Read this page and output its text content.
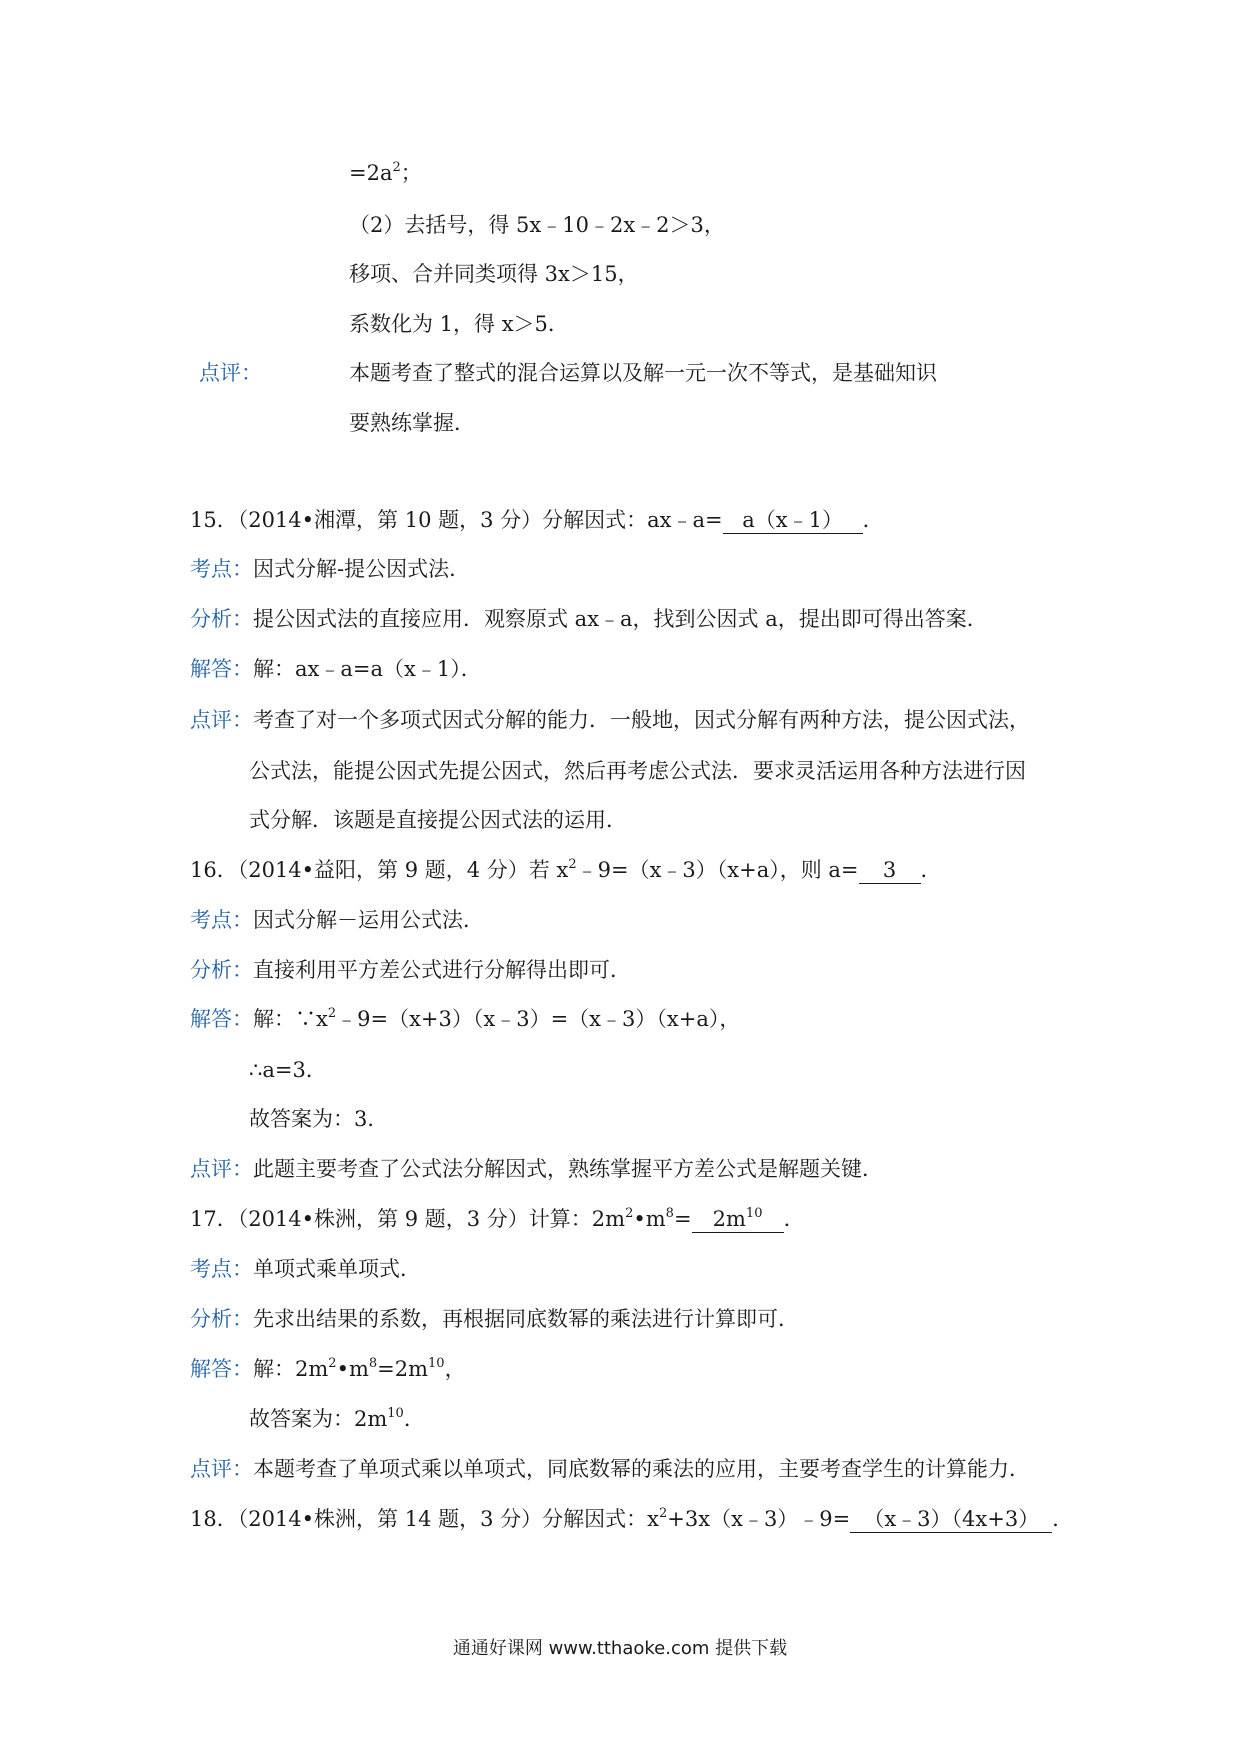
$=2a^2$；
（2）去括号，得 5x﹣10﹣2x﹣2＞3，
移项、合并同类项得 3x＞15，
系数化为 1，得 x＞5．
点评：	本题考查了整式的混合运算以及解一元一次不等式，是基础知识
要熟练掌握．
15．（2014•湘潭，第 10 题，3 分）分解因式：ax﹣a= a（x﹣1） ．
考点：因式分解-提公因式法．
分析：提公因式法的直接应用．观察原式 ax﹣a，找到公因式 a，提出即可得出答案．
解答：解：ax﹣a=a（x﹣1）．
点评：考查了对一个多项式因式分解的能力．一般地，因式分解有两种方法，提公因式法，
公式法，能提公因式先提公因式，然后再考虑公式法．要求灵活运用各种方法进行因
式分解．该题是直接提公因式法的运用．
16．（2014•益阳，第 9 题，4 分）若 $x^2﹣9=(x﹣3)(x+a)$，则 a= 3 ．
考点：因式分解－运用公式法．
分析：直接利用平方差公式进行分解得出即可．
解答：解：$\because x^2﹣9=(x+3)(x﹣3)=(x﹣3)(x+a)$，
∴a=3．
故答案为：3．
点评：此题主要考查了公式法分解因式，熟练掌握平方差公式是解题关键．
17．（2014•株洲，第 9 题，3 分）计算：$2m^2•m^8= 2m^{10}$ ．
考点：单项式乘单项式．
分析：先求出结果的系数，再根据同底数幂的乘法进行计算即可．
解答：解：$2m^2•m^8=2m^{10}$，
故答案为：$2m^{10}$．
点评：本题考查了单项式乘以单项式，同底数幂的乘法的应用，主要考查学生的计算能力．
18．（2014•株洲，第 14 题，3 分）分解因式：$x^2+3x(x﹣3)﹣9=$ （x﹣3）（4x+3） ．
通通好课网 www.tthaoke.com 提供下载
